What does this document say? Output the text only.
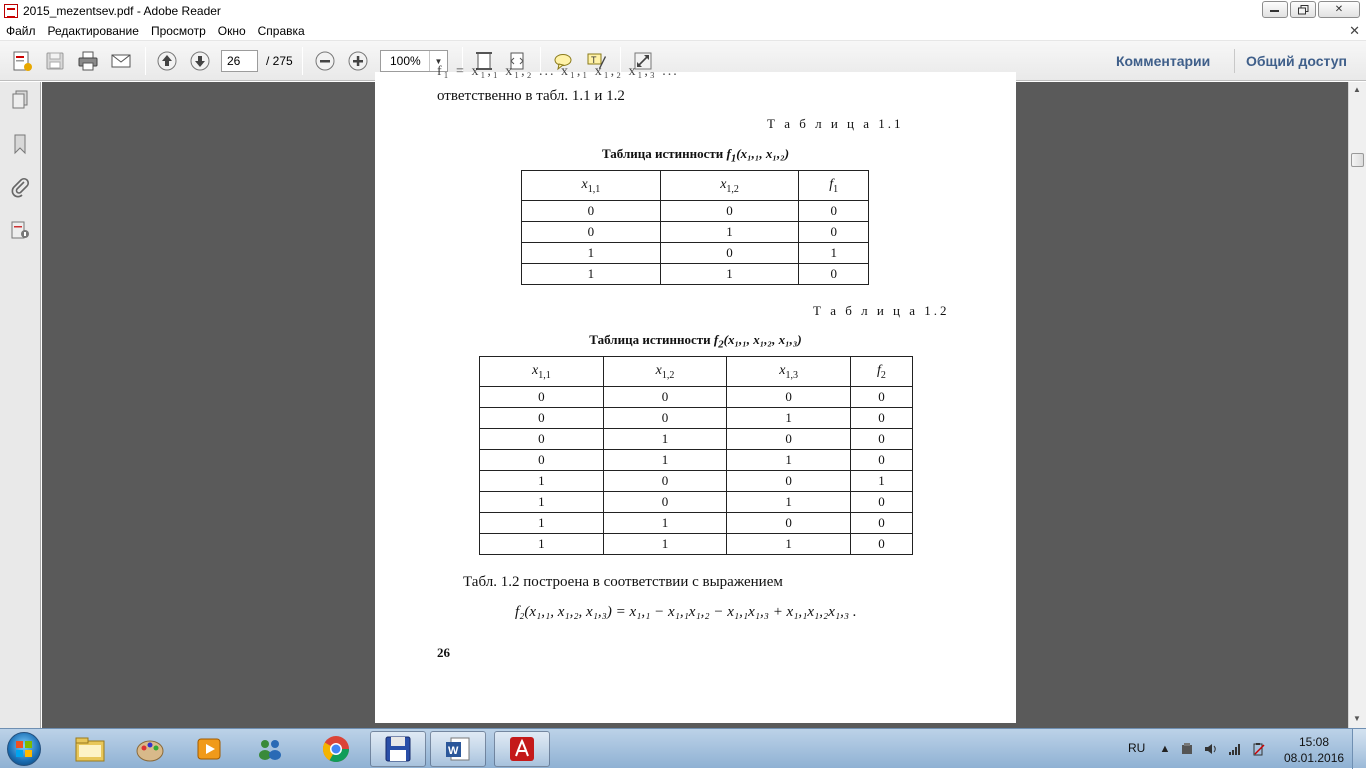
2015_mezentsev.pdf - Adobe Reader	✕
Файл	Редактирование	Просмотр	Окно	Справка	✕
26
/ 275	100%	▼	T	Комментарии	Общий доступ
f₁ = x₁,₁ x₁,₂ ... x₁,₁ x₁,₂ x₁,₃ ...
ответственно в табл. 1.1 и 1.2
Т а б л и ц а 1.1
Таблица истинности $f_1(x_1,_1$, x₁,₂)
$x_{1,1}$	$x_{1,2}$	$f_1$
0	0	0
0	1	0
1	0	1
1	1	0
Т а б л и ц а 1.2
Таблица истинности $f_2(x_1,_1$, x₁,₂, x₁,₃)
$x_{1,1}$	$x_{1,2}$	$x_{1,3}$	$f_2$
0	0	0	0
0	0	1	0
0	1	0	0
0	1	1	0
1	0	0	1
1	0	1	0
1	1	0	0
1	1	1	0
Табл. 1.2 построена в соответствии с выражением
f₂(x₁,₁, x₁,₂, x₁,₃) = x₁,₁ − x₁,₁x₁,₂ − x₁,₁x₁,₃ + x₁,₁x₁,₂x₁,₃ .
26
▲
▼
W	RU ▲	15:08
08.01.2016
